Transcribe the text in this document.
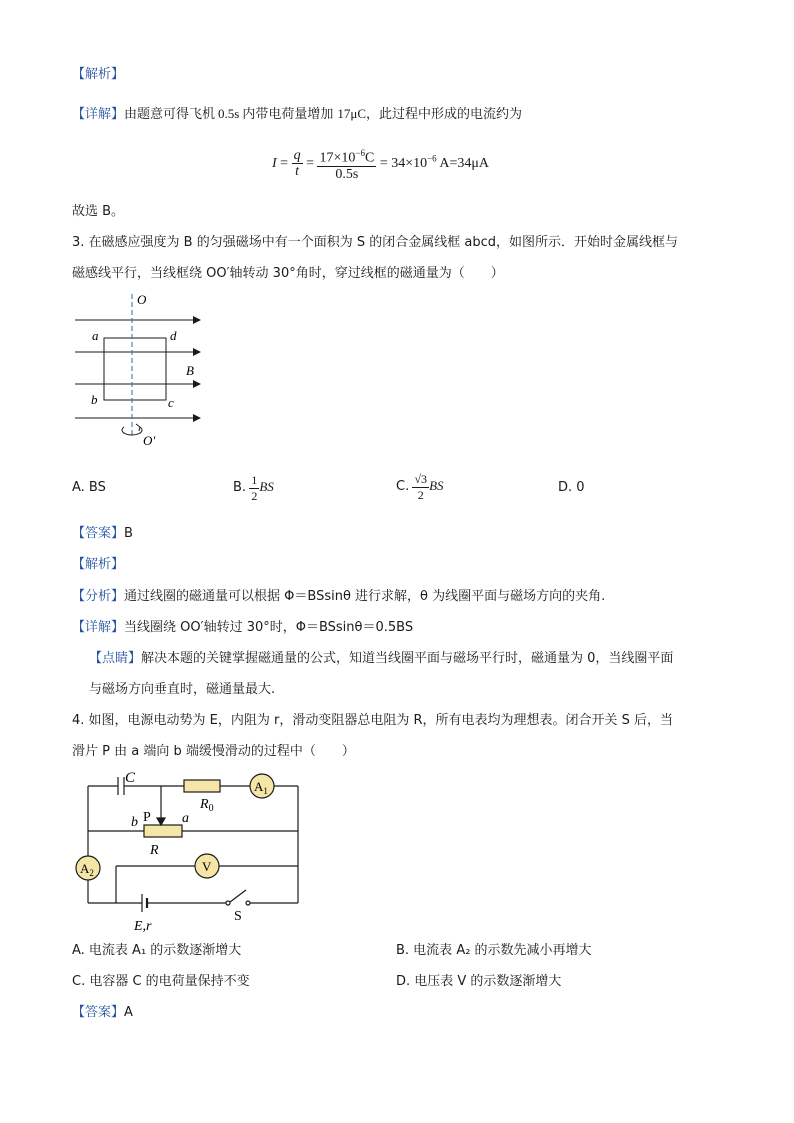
【解析】
【详解】由题意可得飞机 0.5s 内带电荷量增加 17μC，此过程中形成的电流约为
$I = \frac{q}{t} = \frac{17\times 10^{-6}C}{0.5s} = 34\times 10^{-6}$ A=34μA
故选 B。
3. 在磁感应强度为 B 的匀强磁场中有一个面积为 S 的闭合金属线框 abcd，如图所示．开始时金属线框与
磁感线平行，当线框绕 OO′轴转动 30°角时，穿过线框的磁通量为（　　）
O
a	d
B
b	c
O′
A. BS	B. $\frac{1}{2}$ BS	C. $\frac{√3}{2}$ BS	D. 0
【答案】B
【解析】
【分析】通过线圈的磁通量可以根据 Φ＝BSsinθ 进行求解，θ 为线圈平面与磁场方向的夹角.
【详解】当线圈绕 OO′轴转过 30°时，Φ＝BSsinθ＝0.5BS
【点睛】解决本题的关键掌握磁通量的公式，知道当线圈平面与磁场平行时，磁通量为 0，当线圈平面
与磁场方向垂直时，磁通量最大.
4. 如图，电源电动势为 E，内阻为 r，滑动变阻器总电阻为 R，所有电表均为理想表。闭合开关 S 后，当
滑片 P 由 a 端向 b 端缓慢滑动的过程中（　　）
C
$R_0$
$A_1$
b P a
R
$A_2$	V
E,r
S
A. 电流表 A₁ 的示数逐渐增大	B. 电流表 A₂ 的示数先减小再增大
C. 电容器 C 的电荷量保持不变	D. 电压表 V 的示数逐渐增大
【答案】A
